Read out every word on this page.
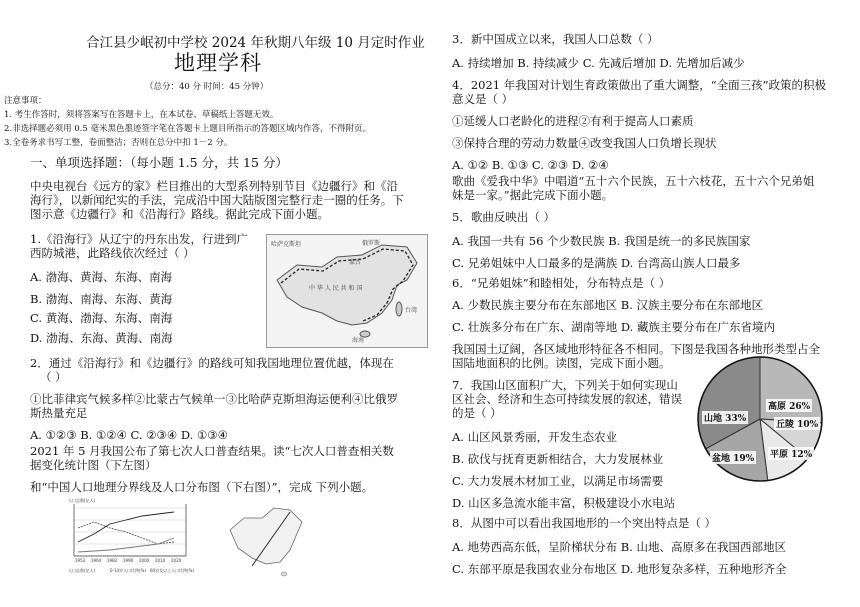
合江县少岷初中学校 2024 年秋期八年级 10 月定时作业
地理学科
（总分：40 分 时间：45 分钟）
注意事项：
1. 考生作答时，须将答案写在答题卡上，在本试卷、草稿纸上答题无效。
2.非选择题必须用 0.5 毫米黑色墨迹签字笔在答题卡上题目所指示的答题区域内作答，不得附页。
3.全卷务求书写工整，卷面整洁；否则在总分中扣 1－2 分。
一、单项选择题：（每小题 1.5 分，共 15 分）
中央电视台《远方的家》栏目推出的大型系列特别节目《边疆行》和《沿
海行》，以新闻纪实的手法，完成沿中国大陆版图完整行走一圈的任务。下
图示意《边疆行》和《沿海行》路线。据此完成下面小题。
1.《沿海行》从辽宁的丹东出发，行进到广
西防城港，此路线依次经过（ ）
A. 渤海、黄海、东海、南海
B. 渤海、南海、东海、黄海
C. 黄海、渤海、东海、南海
D. 渤海、东海、黄海、南海
哈萨克斯坦	俄罗斯
蒙古
中 华 人 民 共 和 国
台湾
海南
2．通过《沿海行》和《边疆行》的路线可知我国地理位置优越，体现在
（ ）
①比菲律宾气候多样②比蒙古气候单一③比哈萨克斯坦海运便利④比俄罗
斯热量充足
A. ①②③ B. ①②④ C. ②③④ D. ①③④
2021 年 5 月我国公布了第七次人口普查结果。读“七次人口普查相关数
据变化统计图（下左图）
和“中国人口地理分界线及人口分布图（下右图）”，完成 下列小题。
1953 1964 1982 1990 2000 2010 2020
人口总数(亿人)
人口总数(亿人)	0-14岁人口比例(%) 60岁及以上人口比例(%)
3．新中国成立以来，我国人口总数（ ）
A. 持续增加 B. 持续减少 C. 先减后增加 D. 先增加后减少
4．2021 年我国对计划生育政策做出了重大调整，“全面三孩”政策的积极
意义是（ ）
①延缓人口老龄化的进程②有利于提高人口素质
③保持合理的劳动力数量④改变我国人口负增长现状
A. ①② B. ①③ C. ②③ D. ②④
歌曲《爱我中华》中唱道“五十六个民族，五十六枝花，五十六个兄弟姐
妹是一家。”据此完成下面小题。
5．歌曲反映出（ ）
A. 我国一共有 56 个少数民族 B. 我国是统一的多民族国家
C. 兄弟姐妹中人口最多的是满族 D. 台湾高山族人口最多
6．“兄弟姐妹”和睦相处，分布特点是（ ）
A. 少数民族主要分布在东部地区 B. 汉族主要分布在东部地区
C. 壮族多分布在广东、湖南等地 D. 藏族主要分布在广东省境内
我国国土辽阔，各区域地形特征各不相同。下图是我国各种地形类型占全
国陆地面积的比例。读图，完成下面小题。
7．我国山区面积广大，下列关于如何实现山
区社会、经济和生态可持续发展的叙述，错误
的是（ ）
A. 山区风景秀丽，开发生态农业
B. 砍伐与抚育更新相结合，大力发展林业
C. 大力发展木材加工业，以满足市场需要
D. 山区多急流水能丰富，积极建设小水电站
8．从图中可以看出我国地形的一个突出特点是（ ）
A. 地势西高东低，呈阶梯状分布 B. 山地、高原多在我国西部地区
C. 东部平原是我国农业分布地区 D. 地形复杂多样，五种地形齐全
山地 33%
高原 26%
丘陵 10%
平原 12%
盆地 19%
